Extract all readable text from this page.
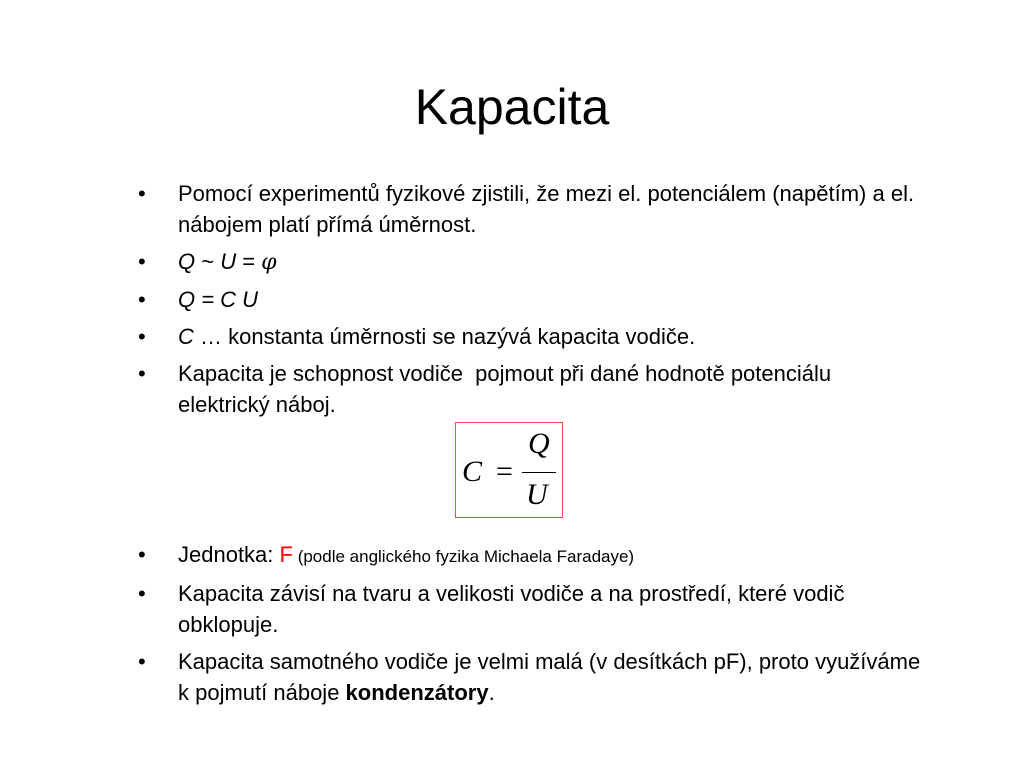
Kapacita
• Pomocí experimentů fyzikové zjistili, že mezi el. potenciálem (napětím) a el. nábojem platí přímá úměrnost.
• Q ~ U = φ
• Q = C U
• C … konstanta úměrnosti se nazývá kapacita vodiče.
• Kapacita je schopnost vodiče  pojmout při dané hodnotě potenciálu elektrický náboj.
C =
Q
U
• Jednotka: F (podle anglického fyzika Michaela Faradaye)
• Kapacita závisí na tvaru a velikosti vodiče a na prostředí, které vodič obklopuje.
• Kapacita samotného vodiče je velmi malá (v desítkách pF), proto využíváme k pojmutí náboje kondenzátory.
